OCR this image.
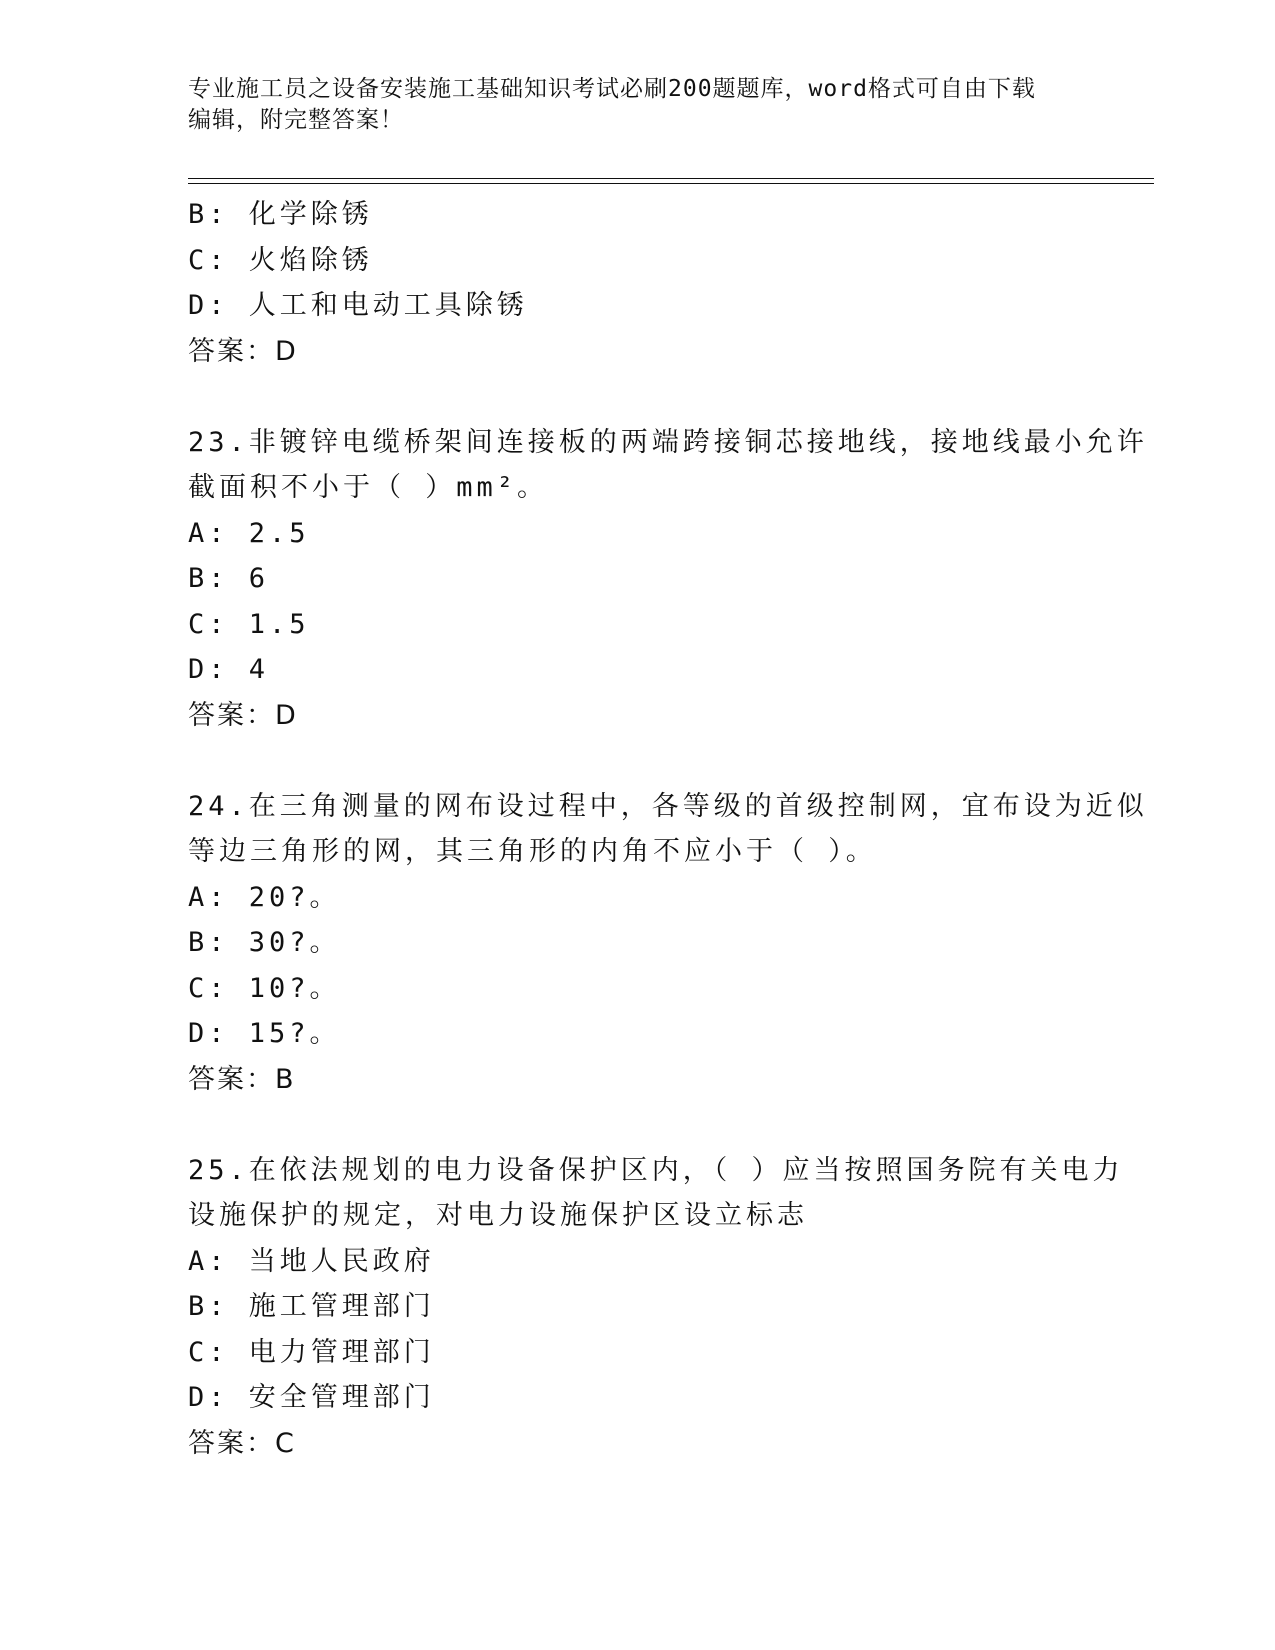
专业施工员之设备安装施工基础知识考试必刷200题题库，word格式可自由下载
编辑，附完整答案！
B: 化学除锈
C: 火焰除锈
D: 人工和电动工具除锈
答案：D
23.非镀锌电缆桥架间连接板的两端跨接铜芯接地线，接地线最小允许
截面积不小于（ ）mm²。
A: 2.5
B: 6
C: 1.5
D: 4
答案：D
24.在三角测量的网布设过程中，各等级的首级控制网，宜布设为近似
等边三角形的网，其三角形的内角不应小于（ ）。
A: 20?。
B: 30?。
C: 10?。
D: 15?。
答案：B
25.在依法规划的电力设备保护区内，（ ）应当按照国务院有关电力
设施保护的规定，对电力设施保护区设立标志
A: 当地人民政府
B: 施工管理部门
C: 电力管理部门
D: 安全管理部门
答案：C
